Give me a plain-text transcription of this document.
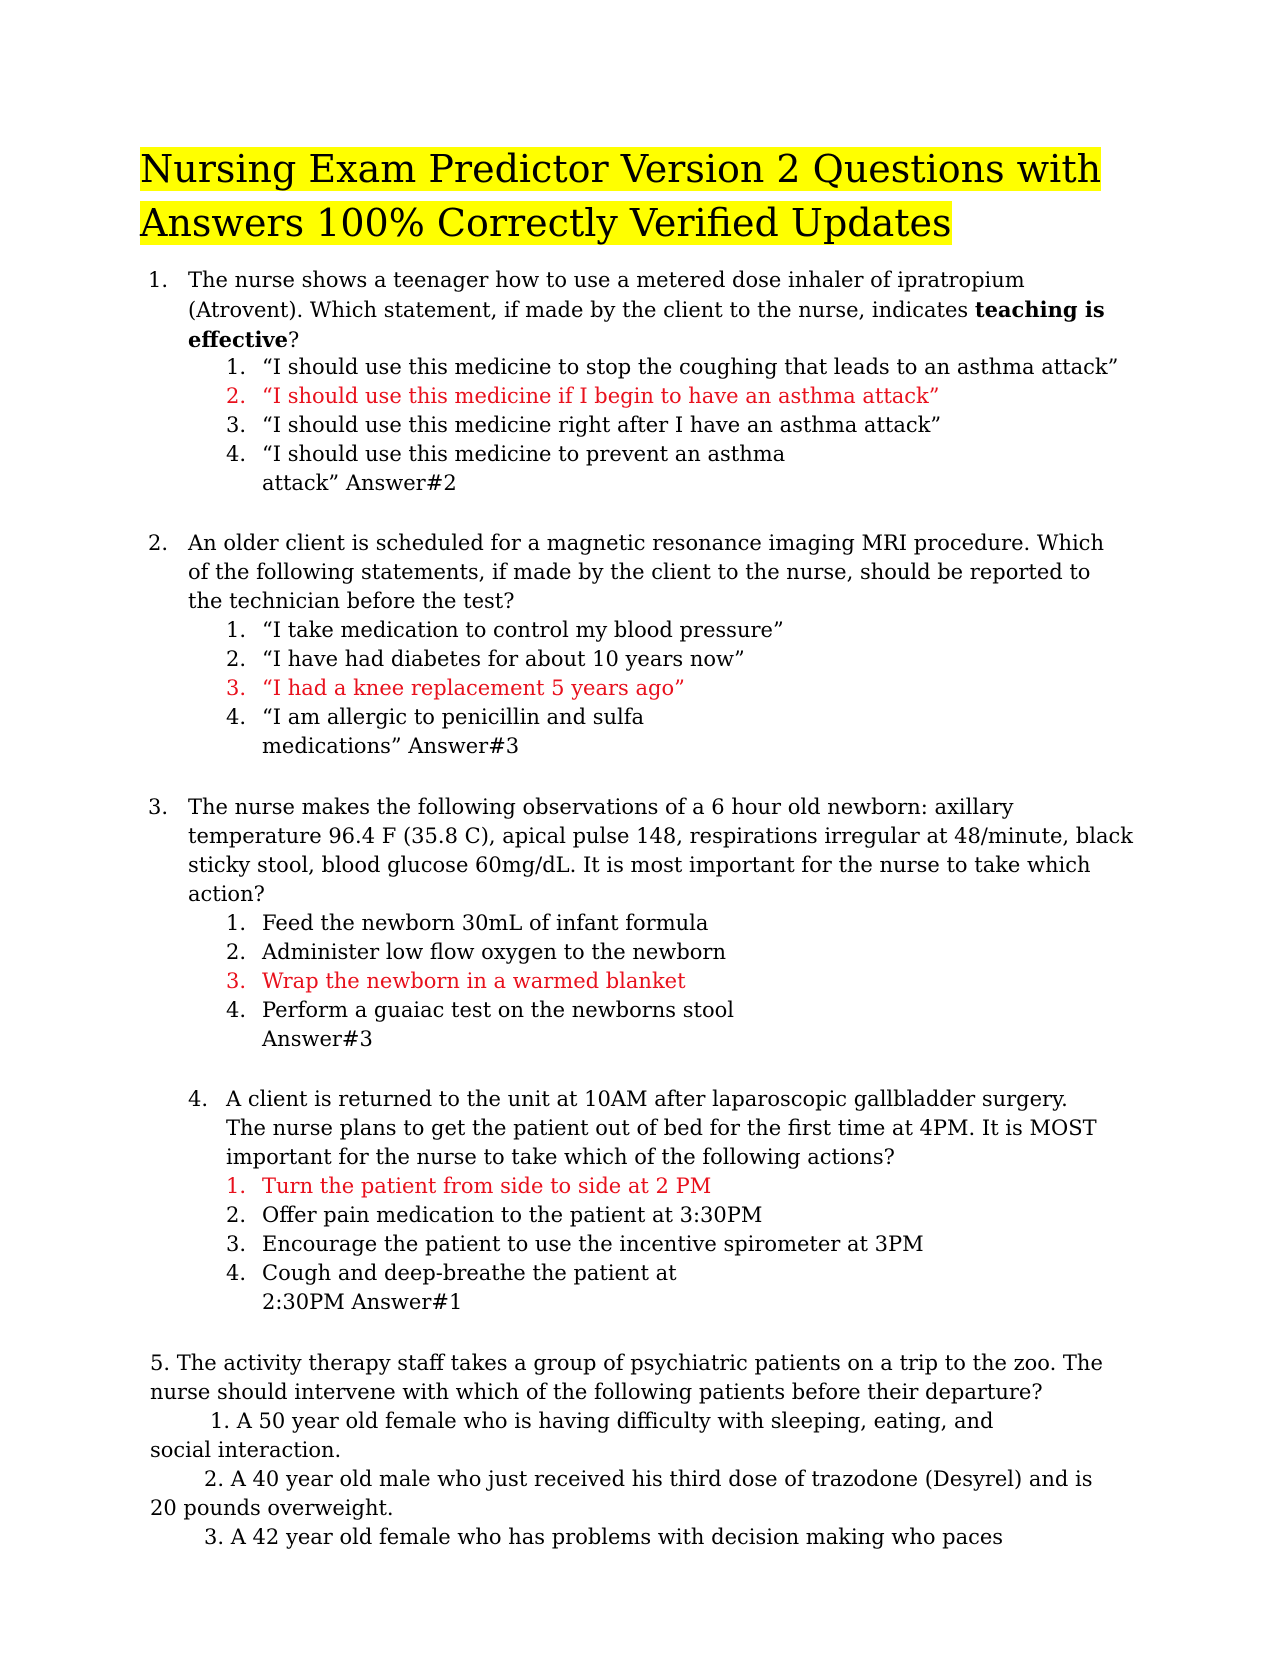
Nursing Exam Predictor Version 2 Questions with
Answers 100% Correctly Verified Updates
1. The nurse shows a teenager how to use a metered dose inhaler of ipratropium
(Atrovent). Which statement, if made by the client to the nurse, indicates teaching is
effective?
1. “I should use this medicine to stop the coughing that leads to an asthma attack”
2. “I should use this medicine if I begin to have an asthma attack”
3. “I should use this medicine right after I have an asthma attack”
4. “I should use this medicine to prevent an asthma
attack” Answer#2
2. An older client is scheduled for a magnetic resonance imaging MRI procedure. Which
of the following statements, if made by the client to the nurse, should be reported to
the technician before the test?
1. “I take medication to control my blood pressure”
2. “I have had diabetes for about 10 years now”
3. “I had a knee replacement 5 years ago”
4. “I am allergic to penicillin and sulfa
medications” Answer#3
3. The nurse makes the following observations of a 6 hour old newborn: axillary
temperature 96.4 F (35.8 C), apical pulse 148, respirations irregular at 48/minute, black
sticky stool, blood glucose 60mg/dL. It is most important for the nurse to take which
action?
1. Feed the newborn 30mL of infant formula
2. Administer low flow oxygen to the newborn
3. Wrap the newborn in a warmed blanket
4. Perform a guaiac test on the newborns stool
Answer#3
4. A client is returned to the unit at 10AM after laparoscopic gallbladder surgery.
The nurse plans to get the patient out of bed for the first time at 4PM. It is MOST
important for the nurse to take which of the following actions?
1. Turn the patient from side to side at 2 PM
2. Offer pain medication to the patient at 3:30PM
3. Encourage the patient to use the incentive spirometer at 3PM
4. Cough and deep-breathe the patient at
2:30PM Answer#1
5. The activity therapy staff takes a group of psychiatric patients on a trip to the zoo. The
nurse should intervene with which of the following patients before their departure?
1. A 50 year old female who is having difficulty with sleeping, eating, and
social interaction.
2. A 40 year old male who just received his third dose of trazodone (Desyrel) and is
20 pounds overweight.
3. A 42 year old female who has problems with decision making who paces
